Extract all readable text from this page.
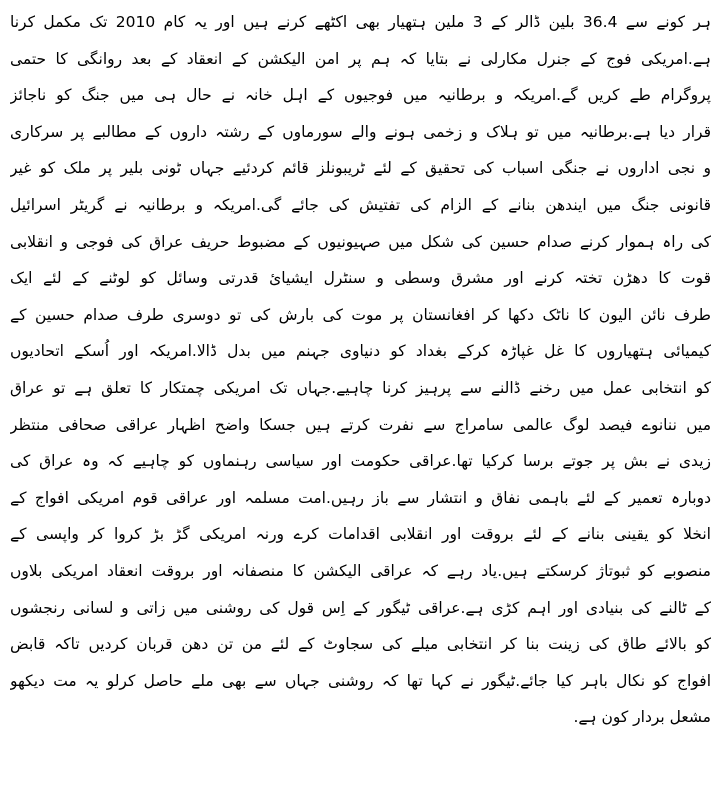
ہر کونے سے 36.4 بلین ڈالر کے 3 ملین ہتھیار بھی اکٹھے کرنے ہیں اور یہ کام 2010 تک مکمل کرنا
ہے.امریکی فوج کے جنرل مکارلی نے بتایا کہ ہم پر امن الیکشن کے انعقاد کے بعد روانگی کا حتمی
پروگرام طے کریں گے.امریکہ و برطانیہ میں فوجیوں کے اہل خانہ نے حال ہی میں جنگ کو ناجائز
قرار دیا ہے.برطانیہ میں تو ہلاک و زخمی ہونے والے سورماوں کے رشتہ داروں کے مطالبے پر سرکاری
و نجی اداروں نے جنگی اسباب کی تحقیق کے لئے ٹریبونلز قائم کردئیے جہاں ٹونی بلیر پر ملک کو غیر
قانونی جنگ میں ایندھن بنانے کے الزام کی تفتیش کی جائے گی.امریکہ و برطانیہ نے گریٹر اسرائیل
کی راہ ہموار کرنے صدام حسین کی شکل میں صہیونیوں کے مضبوط حریف عراق کی فوجی و انقلابی
قوت کا دھڑن تختہ کرنے اور مشرق وسطی و سنٹرل ایشیائ قدرتی وسائل کو لوٹنے کے لئے ایک
طرف نائن الیون کا ناٹک دکھا کر افغانستان پر موت کی بارش کی تو دوسری طرف صدام حسین کے
کیمیائی ہتھیاروں کا غل غپاڑہ کرکے بغداد کو دنیاوی جہنم میں بدل ڈالا.امریکہ اور اُسکے اتحادیوں
کو انتخابی عمل میں رخنے ڈالنے سے پرہیز کرنا چاہیے.جہاں تک امریکی چمتکار کا تعلق ہے تو عراق
میں ننانوے فیصد لوگ عالمی سامراج سے نفرت کرتے ہیں جسکا واضح اظہار عراقی صحافی منتظر
زیدی نے بش پر جوتے برسا کرکیا تھا.عراقی حکومت اور سیاسی رہنماوں کو چاہیے کہ وہ عراق کی
دوبارہ تعمیر کے لئے باہمی نفاق و انتشار سے باز رہیں.امت مسلمہ اور عراقی قوم امریکی افواج کے
انخلا کو یقینی بنانے کے لئے بروقت اور انقلابی اقدامات کرے ورنہ امریکی گڑ بڑ کروا کر واپسی کے
منصوبے کو ثبوتاژ کرسکتے ہیں.یاد رہے کہ عراقی الیکشن کا منصفانہ اور بروقت انعقاد امریکی بلاوں
کے ٹالنے کی بنیادی اور اہم کڑی ہے.عراقی ٹیگور کے اِس قول کی روشنی میں زاتی و لسانی رنجشوں
کو بالائے طاق کی زینت بنا کر انتخابی میلے کی سجاوٹ کے لئے من تن دھن قربان کردیں تاکہ قابض
افواج کو نکال باہر کیا جائے.ٹیگور نے کہا تھا کہ روشنی جہاں سے بھی ملے حاصل کرلو یہ مت دیکھو
مشعل بردار کون ہے.
